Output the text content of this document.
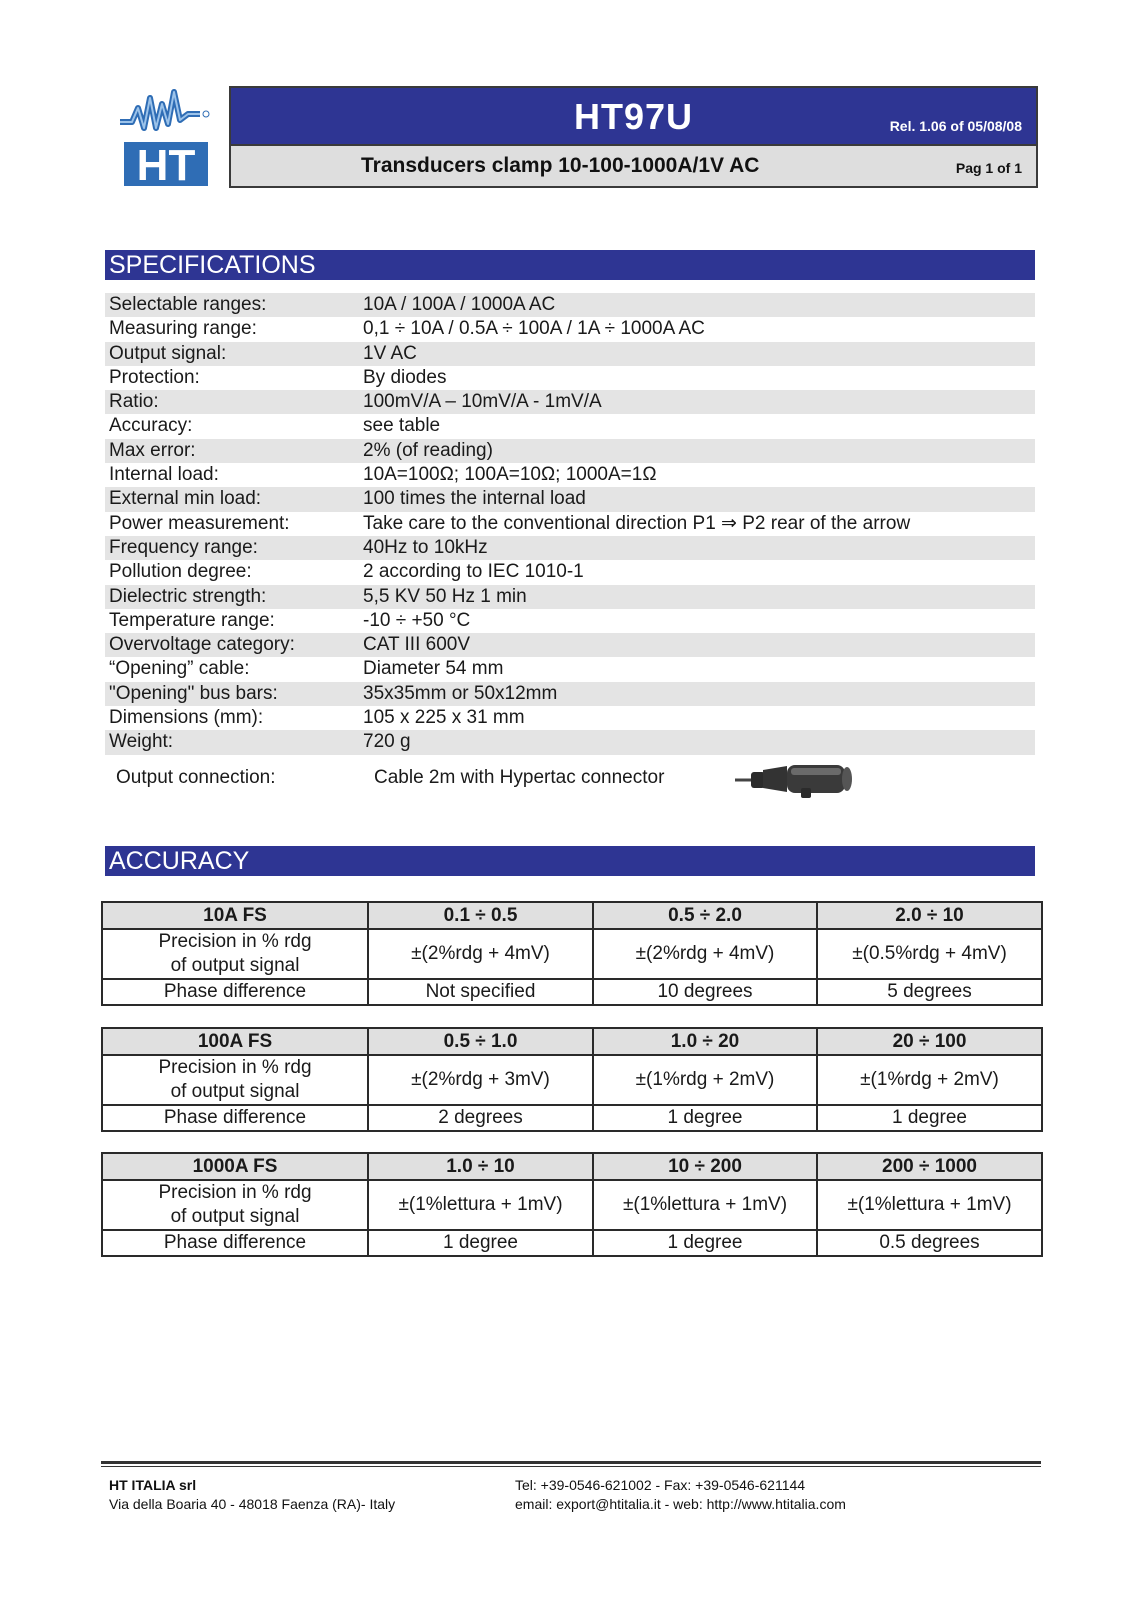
HT
HT97U	Rel. 1.06 of 05/08/08
Transducers clamp 10-100-1000A/1V AC	Pag 1 of 1
SPECIFICATIONS
Selectable ranges:	10A / 100A / 1000A AC
Measuring range:	0,1 ÷ 10A / 0.5A ÷ 100A / 1A ÷ 1000A AC
Output signal:	1V AC
Protection:	By diodes
Ratio:	100mV/A – 10mV/A - 1mV/A
Accuracy:	see table
Max error:	2% (of reading)
Internal load:	10A=100Ω; 100A=10Ω; 1000A=1Ω
External min load:	100 times the internal load
Power measurement:	Take care to the conventional direction P1 ⇒ P2 rear of the arrow
Frequency range:	40Hz to 10kHz
Pollution degree:	2 according to IEC 1010-1
Dielectric strength:	5,5 KV 50 Hz 1 min
Temperature range:	-10 ÷ +50 °C
Overvoltage category:	CAT III 600V
“Opening” cable:	Diameter 54 mm
"Opening" bus bars:	35x35mm or 50x12mm
Dimensions (mm):	105 x 225 x 31 mm
Weight:	720 g
Output connection:	Cable 2m with Hypertac connector
ACCURACY
10A FS	0.1 ÷ 0.5	0.5 ÷ 2.0	2.0 ÷ 10

Precision in % rdg
of output signal	±(2%rdg + 4mV)	±(2%rdg + 4mV)	±(0.5%rdg + 4mV)
Phase difference	Not specified	10 degrees	5 degrees
100A FS	0.5 ÷ 1.0	1.0 ÷ 20	20 ÷ 100

Precision in % rdg
of output signal	±(2%rdg + 3mV)	±(1%rdg + 2mV)	±(1%rdg + 2mV)
Phase difference	2 degrees	1 degree	1 degree
1000A FS	1.0 ÷ 10	10 ÷ 200	200 ÷ 1000

Precision in % rdg
of output signal	±(1%lettura + 1mV)	±(1%lettura + 1mV)	±(1%lettura + 1mV)
Phase difference	1 degree	1 degree	0.5 degrees
HT ITALIA srl
Via della Boaria 40 - 48018 Faenza (RA)- Italy
Tel: +39-0546-621002 - Fax: +39-0546-621144
email: export@htitalia.it - web: http://www.htitalia.com
